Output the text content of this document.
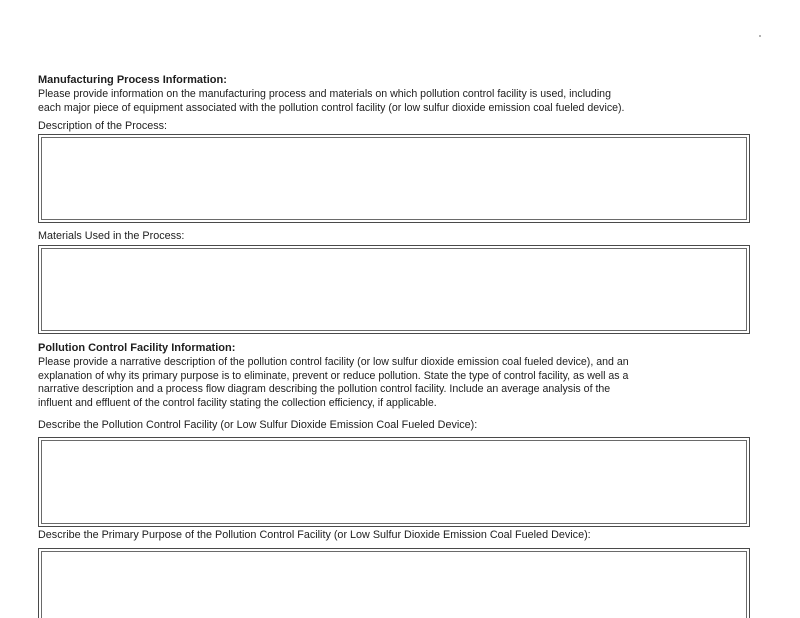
Manufacturing Process Information:
Please provide information on the manufacturing process and materials on which pollution control facility is used, including
each major piece of equipment associated with the pollution control facility (or low sulfur dioxide emission coal fueled device).
Description of the Process:
Materials Used in the Process:
Pollution Control Facility Information:
Please provide a narrative description of the pollution control facility (or low sulfur dioxide emission coal fueled device), and an
explanation of why its primary purpose is to eliminate, prevent or reduce pollution. State the type of control facility, as well as a
narrative description and a process flow diagram describing the pollution control facility. Include an average analysis of the
influent and effluent of the control facility stating the collection efficiency, if applicable.
Describe the Pollution Control Facility (or Low Sulfur Dioxide Emission Coal Fueled Device):
Describe the Primary Purpose of the Pollution Control Facility (or Low Sulfur Dioxide Emission Coal Fueled Device):
